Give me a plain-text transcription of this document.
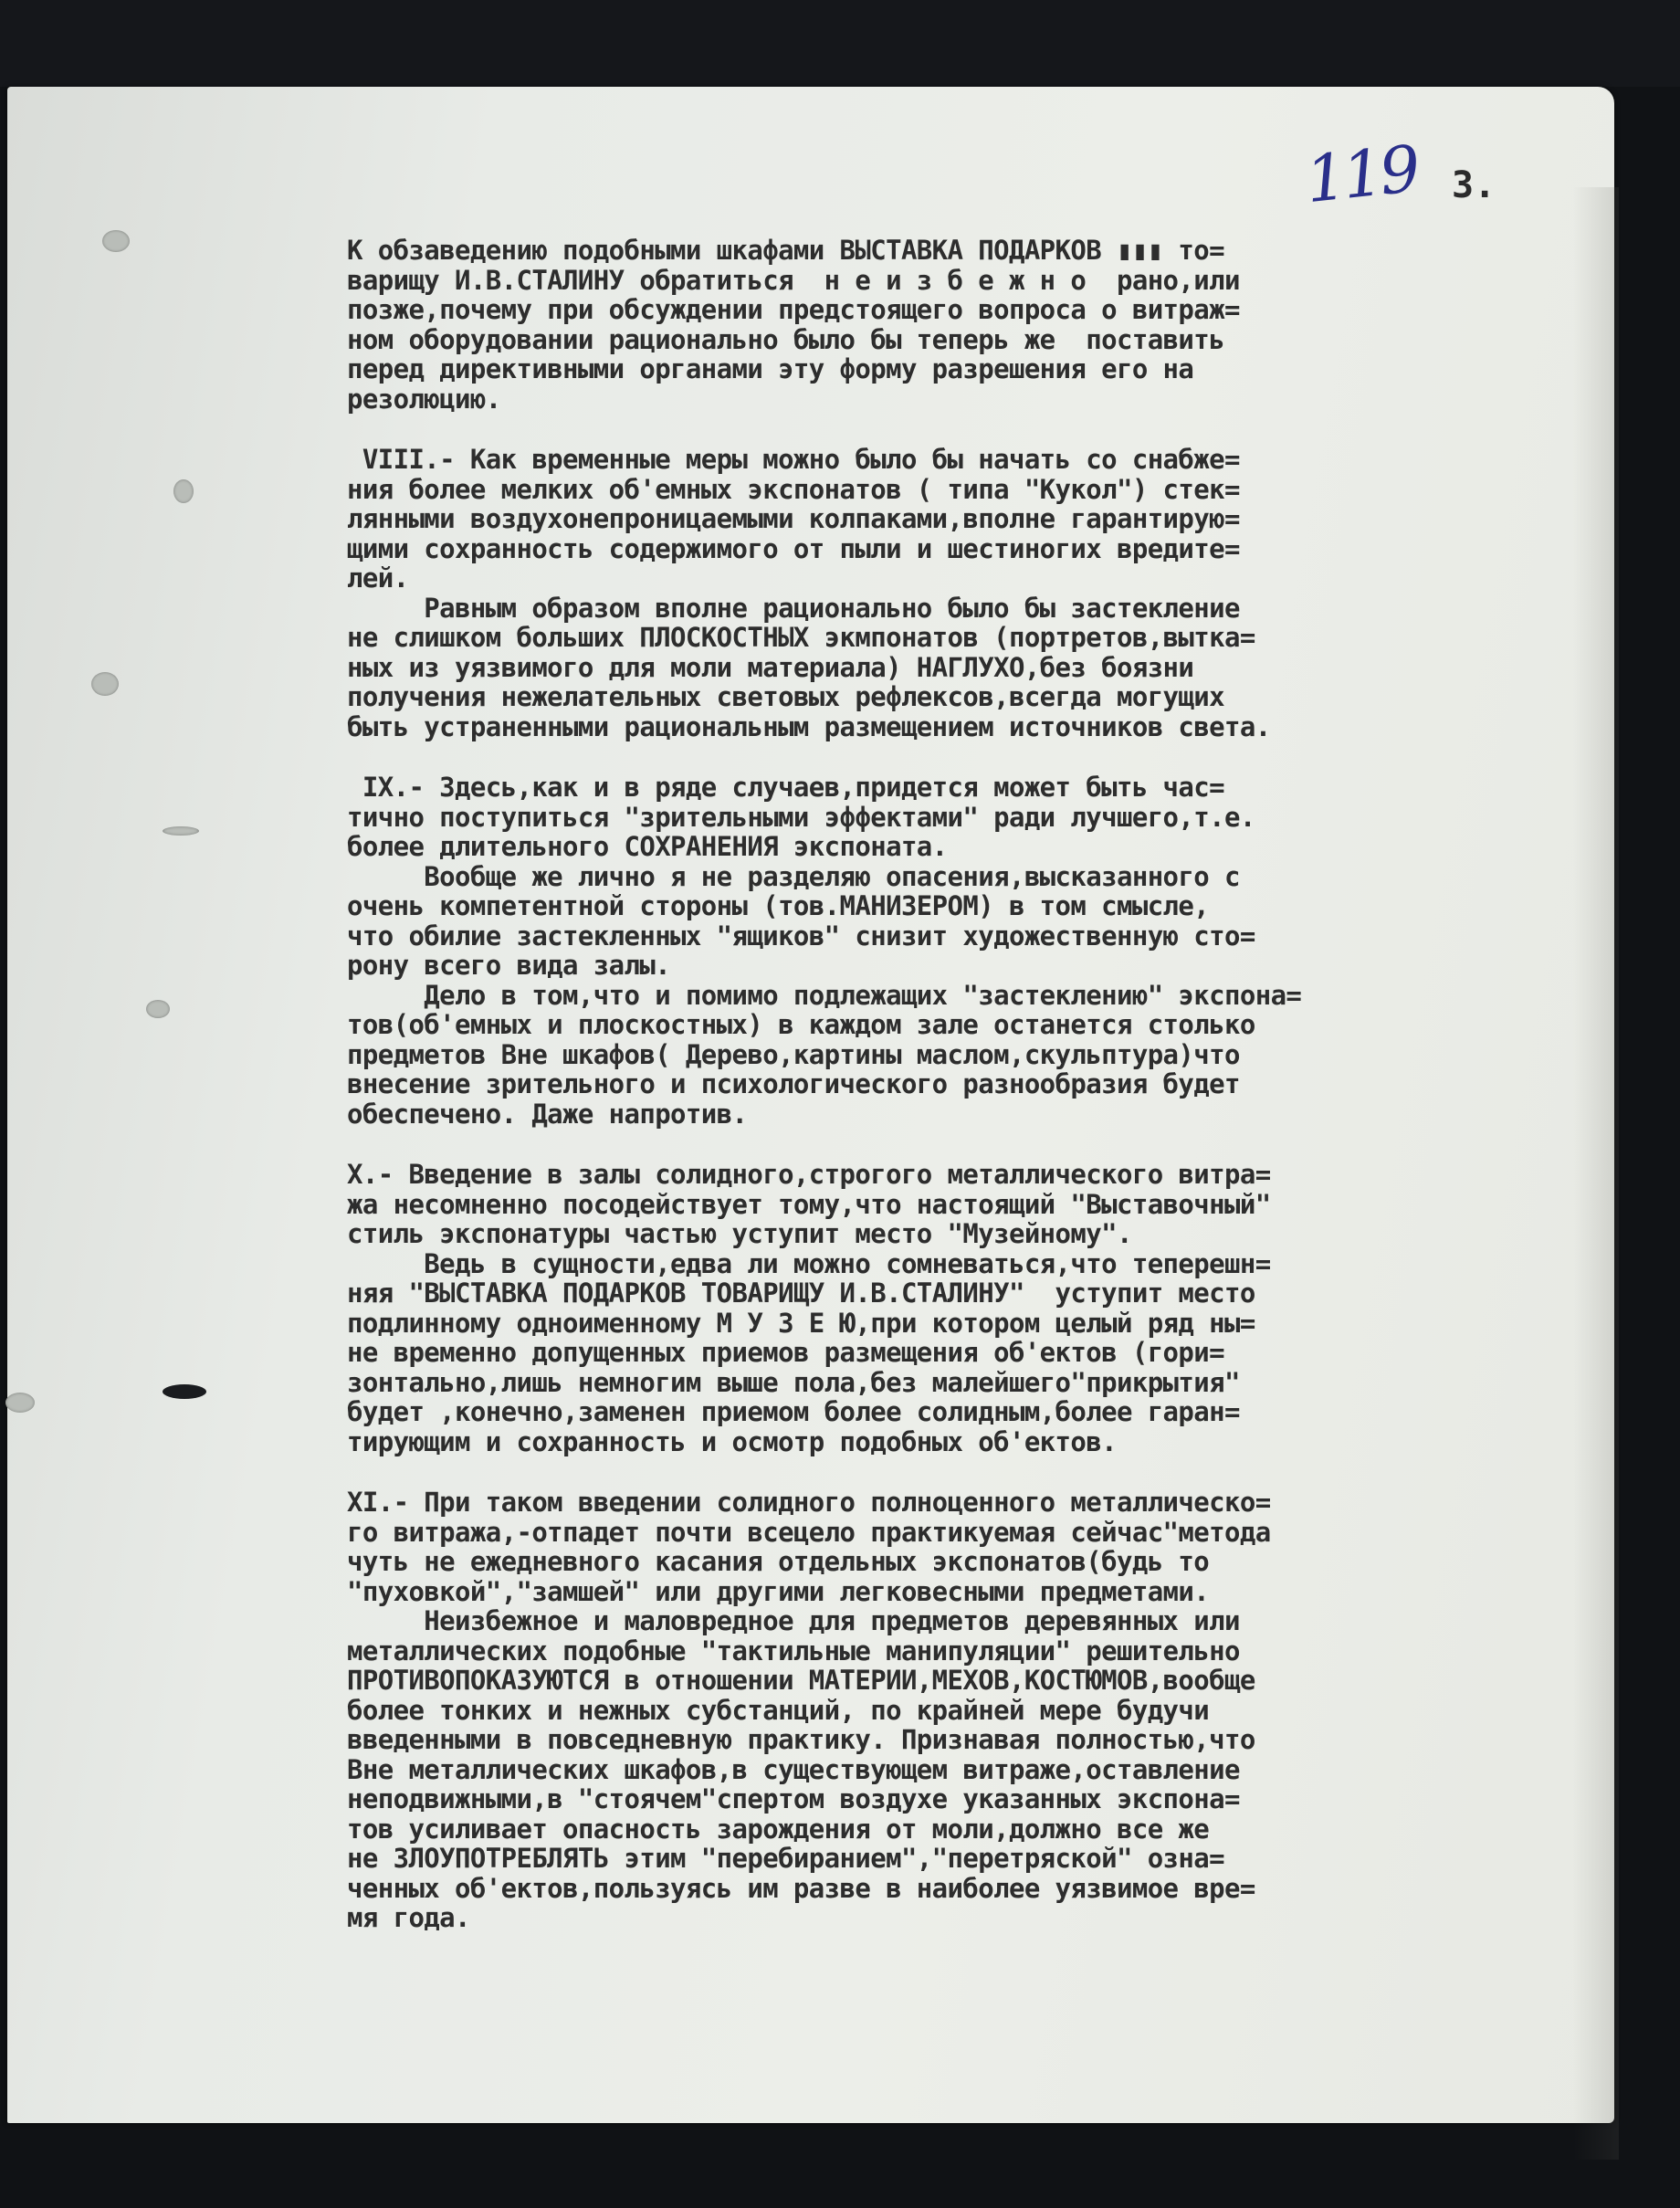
119 3.
К обзаведению подобными шкафами ВЫСТАВКА ПОДАРКОВ ▮▮▮ то=
варищу И.В.СТАЛИНУ обратиться  н е и з б е ж н о  рано,или
позже,почему при обсуждении предстоящего вопроса о витраж=
ном оборудовании рационально было бы теперь же  поставить
перед директивными органами эту форму разрешения его на
резолюцию.
VIII.- Как временные меры можно было бы начать со снабже=
ния более мелких об'емных экспонатов ( типа "Кукол") стек=
лянными воздухонепроницаемыми колпаками,вполне гарантирую=
щими сохранность содержимого от пыли и шестиногих вредите=
лей.
Равным образом вполне рационально было бы застекление
не слишком больших ПЛОСКОСТНЫХ экмпонатов (портретов,вытка=
ных из уязвимого для моли материала) НАГЛУХО,без боязни
получения нежелательных световых рефлексов,всегда могущих
быть устраненными рациональным размещением источников света.
IX.- Здесь,как и в ряде случаев,придется может быть час=
тично поступиться "зрительными эффектами" ради лучшего,т.е.
более длительного СОХРАНЕНИЯ экспоната.
Вообще же лично я не разделяю опасения,высказанного с
очень компетентной стороны (тов.МАНИЗЕРОМ) в том смысле,
что обилие застекленных "ящиков" снизит художественную сто=
рону всего вида залы.
Дело в том,что и помимо подлежащих "застеклению" экспона=
тов(об'емных и плоскостных) в каждом зале останется столько
предметов Вне шкафов( Дерево,картины маслом,скульптура)что
внесение зрительного и психологического разнообразия будет
обеспечено. Даже напротив.
X.- Введение в залы солидного,строгого металлического витра=
жа несомненно посодействует тому,что настоящий "Выставочный"
стиль экспонатуры частью уступит место "Музейному".
Ведь в сущности,едва ли можно сомневаться,что теперешн=
няя "ВЫСТАВКА ПОДАРКОВ ТОВАРИЩУ И.В.СТАЛИНУ"  уступит место
подлинному одноименному М У З Е Ю,при котором целый ряд ны=
не временно допущенных приемов размещения об'ектов (гори=
зонтально,лишь немногим выше пола,без малейшего"прикрытия"
будет ,конечно,заменен приемом более солидным,более гаран=
тирующим и сохранность и осмотр подобных об'ектов.
XI.- При таком введении солидного полноценного металлическо=
го витража,-отпадет почти всецело практикуемая сейчас"метода
чуть не ежедневного касания отдельных экспонатов(будь то
"пуховкой","замшей" или другими легковесными предметами.
Неизбежное и маловредное для предметов деревянных или
металлических подобные "тактильные манипуляции" решительно
ПРОТИВОПОКАЗУЮТСЯ в отношении МАТЕРИИ,МЕХОВ,КОСТЮМОВ,вообще
более тонких и нежных субстанций, по крайней мере будучи
введенными в повседневную практику. Признавая полностью,что
Вне металлических шкафов,в существующем витраже,оставление
неподвижными,в "стоячем"спертом воздухе указанных экспона=
тов усиливает опасность зарождения от моли,должно все же
не ЗЛОУПОТРЕБЛЯТЬ этим "перебиранием","перетряской" озна=
ченных об'ектов,пользуясь им разве в наиболее уязвимое вре=
мя года.
